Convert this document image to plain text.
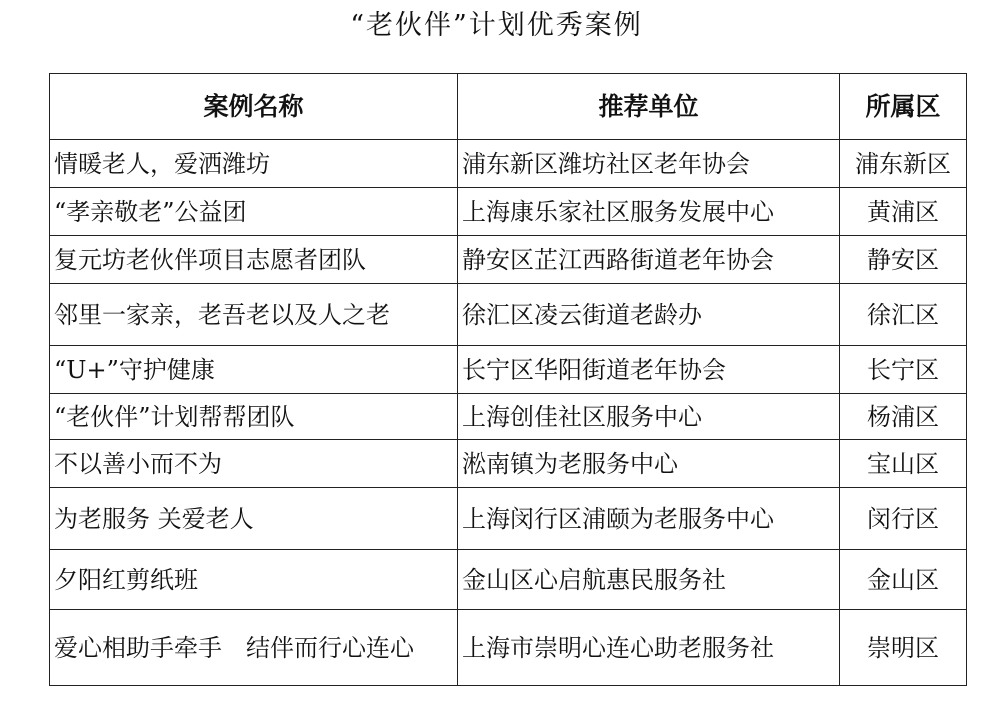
“老伙伴”计划优秀案例
案例名称	推荐单位	所属区
情暖老人，爱洒潍坊	浦东新区潍坊社区老年协会	浦东新区
“孝亲敬老”公益团	上海康乐家社区服务发展中心	黄浦区
复元坊老伙伴项目志愿者团队	静安区芷江西路街道老年协会	静安区
邻里一家亲，老吾老以及人之老	徐汇区凌云街道老龄办	徐汇区
“U+”守护健康	长宁区华阳街道老年协会	长宁区
“老伙伴”计划帮帮团队	上海创佳社区服务中心	杨浦区
不以善小而不为	淞南镇为老服务中心	宝山区
为老服务 关爱老人	上海闵行区浦颐为老服务中心	闵行区
夕阳红剪纸班	金山区心启航惠民服务社	金山区
爱心相助手牵手　结伴而行心连心	上海市崇明心连心助老服务社	崇明区
